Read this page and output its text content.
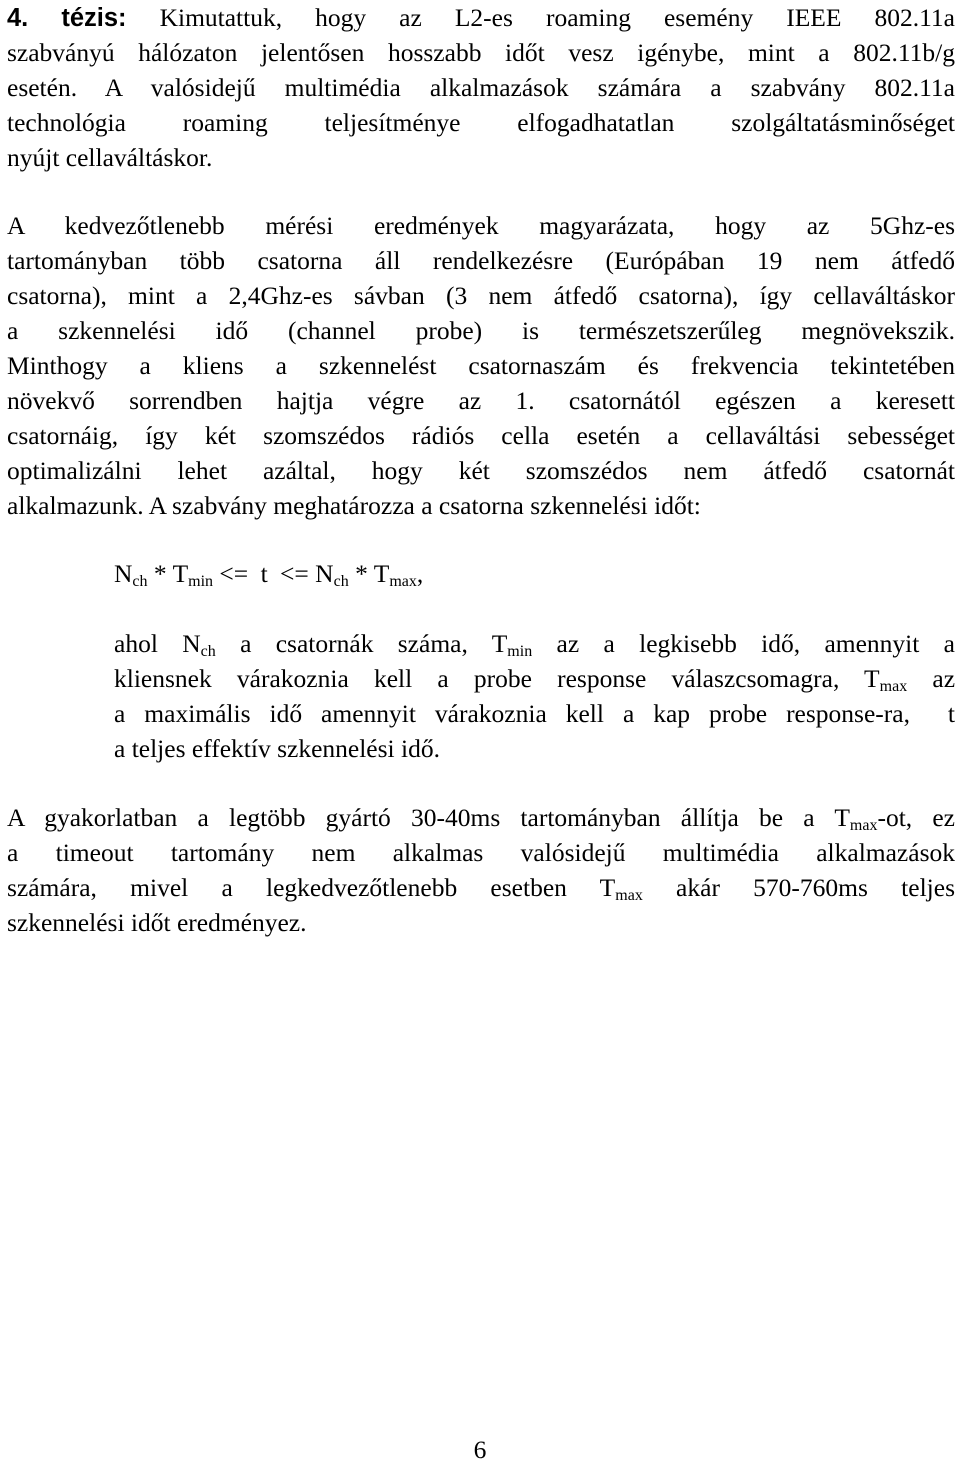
4. tézis: Kimutattuk, hogy az L2-es roaming esemény IEEE 802.11a
szabványú hálózaton jelentősen hosszabb időt vesz igénybe, mint a 802.11b/g
esetén. A valósidejű multimédia alkalmazások számára a szabvány 802.11a
technológia roaming teljesítménye elfogadhatatlan szolgáltatásminőséget
nyújt cellaváltáskor.
A kedvezőtlenebb mérési eredmények magyarázata, hogy az 5Ghz-es
tartományban több csatorna áll rendelkezésre (Európában 19 nem átfedő
csatorna), mint a 2,4Ghz-es sávban (3 nem átfedő csatorna), így cellaváltáskor
a szkennelési idő (channel probe) is természetszerűleg megnövekszik.
Minthogy a kliens a szkennelést csatornaszám és frekvencia tekintetében
növekvő sorrendben hajtja végre az 1. csatornától egészen a keresett
csatornáig, így két szomszédos rádiós cella esetén a cellaváltási sebességet
optimalizálni lehet azáltal, hogy két szomszédos nem átfedő csatornát
alkalmazunk. A szabvány meghatározza a csatorna szkennelési időt:
$N_{ch} * T_{min} <= t <= N_{ch} * T_{max}$,
ahol $N_{ch}$ a csatornák száma, $T_{min}$ az a legkisebb idő, amennyit a
kliensnek várakoznia kell a probe response válaszcsomagra, $T_{max}$ az
a maximális idő amennyit várakoznia kell a kap probe response-ra,  t
a teljes effektív szkennelési idő.
A gyakorlatban a legtöbb gyártó 30-40ms tartományban állítja be a $T_{max}-ot$, ez
a timeout tartomány nem alkalmas valósidejű multimédia alkalmazások
számára, mivel a legkedvezőtlenebb esetben $T_{max}$ akár 570-760ms teljes
szkennelési időt eredményez.
6
